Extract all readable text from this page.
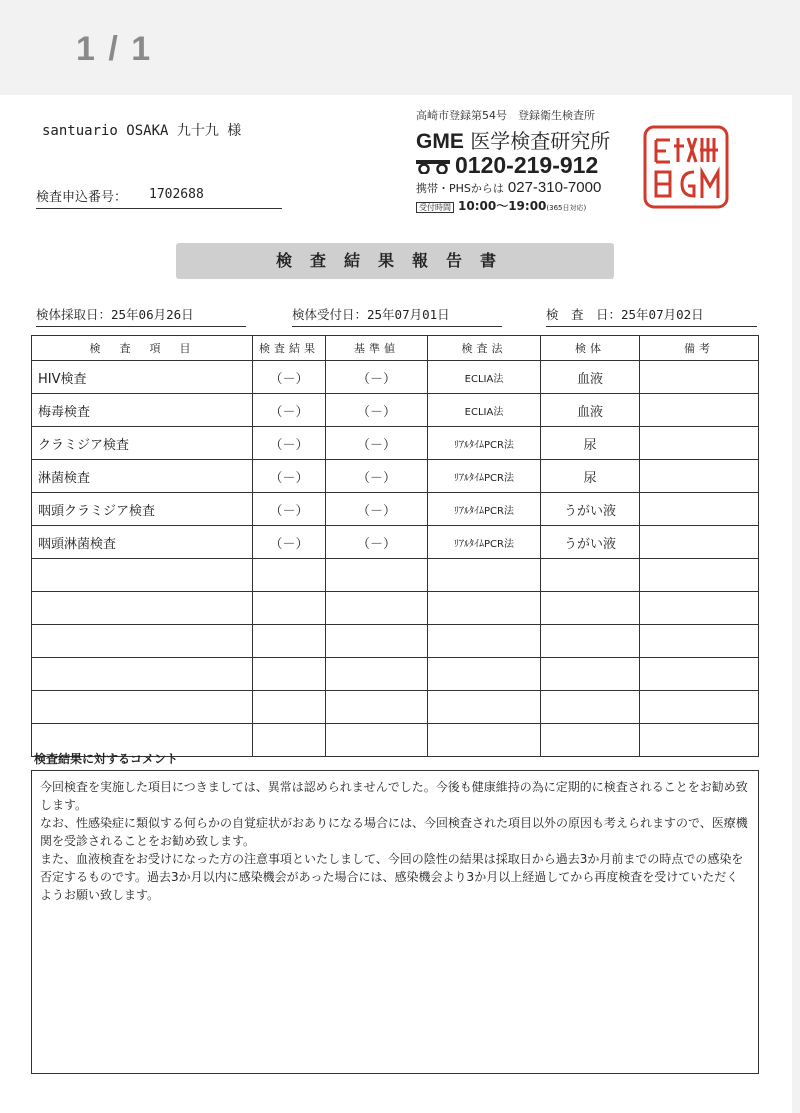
1 / 1
santuario OSAKA 九十九 様
検査申込番号： 1702688
高崎市登録第54号　登録衛生検査所
GME 医学検査研究所
0120-219-912
携帯・PHSからは 027-310-7000
受付時間 10:00〜19:00(365日対応)
検査結果報告書
検体採取日：25年06月26日	検体受付日：25年07月01日	検　査　日：25年07月02日
検　査　項　目	検査結果	基準値	検査法	検体	備考
HIV検査	（－）	（－）	ECLIA法	血液	
梅毒検査	（－）	（－）	ECLIA法	血液	
クラミジア検査	（－）	（－）	ﾘｱﾙﾀｲﾑPCR法	尿	
淋菌検査	（－）	（－）	ﾘｱﾙﾀｲﾑPCR法	尿	
咽頭クラミジア検査	（－）	（－）	ﾘｱﾙﾀｲﾑPCR法	うがい液	
咽頭淋菌検査	（－）	（－）	ﾘｱﾙﾀｲﾑPCR法	うがい液	

検査結果に対するコメント

今回検査を実施した項目につきましては、異常は認められませんでした。今後も健康維持の為に定期的に検査されることをお勧め致します。

なお、性感染症に類似する何らかの自覚症状がおありになる場合には、今回検査された項目以外の原因も考えられますので、医療機関を受診されることをお勧め致します。

また、血液検査をお受けになった方の注意事項といたしまして、今回の陰性の結果は採取日から過去3か月前までの時点での感染を否定するものです。過去3か月以内に感染機会があった場合には、感染機会より3か月以上経過してから再度検査を受けていただくようお願い致します。
